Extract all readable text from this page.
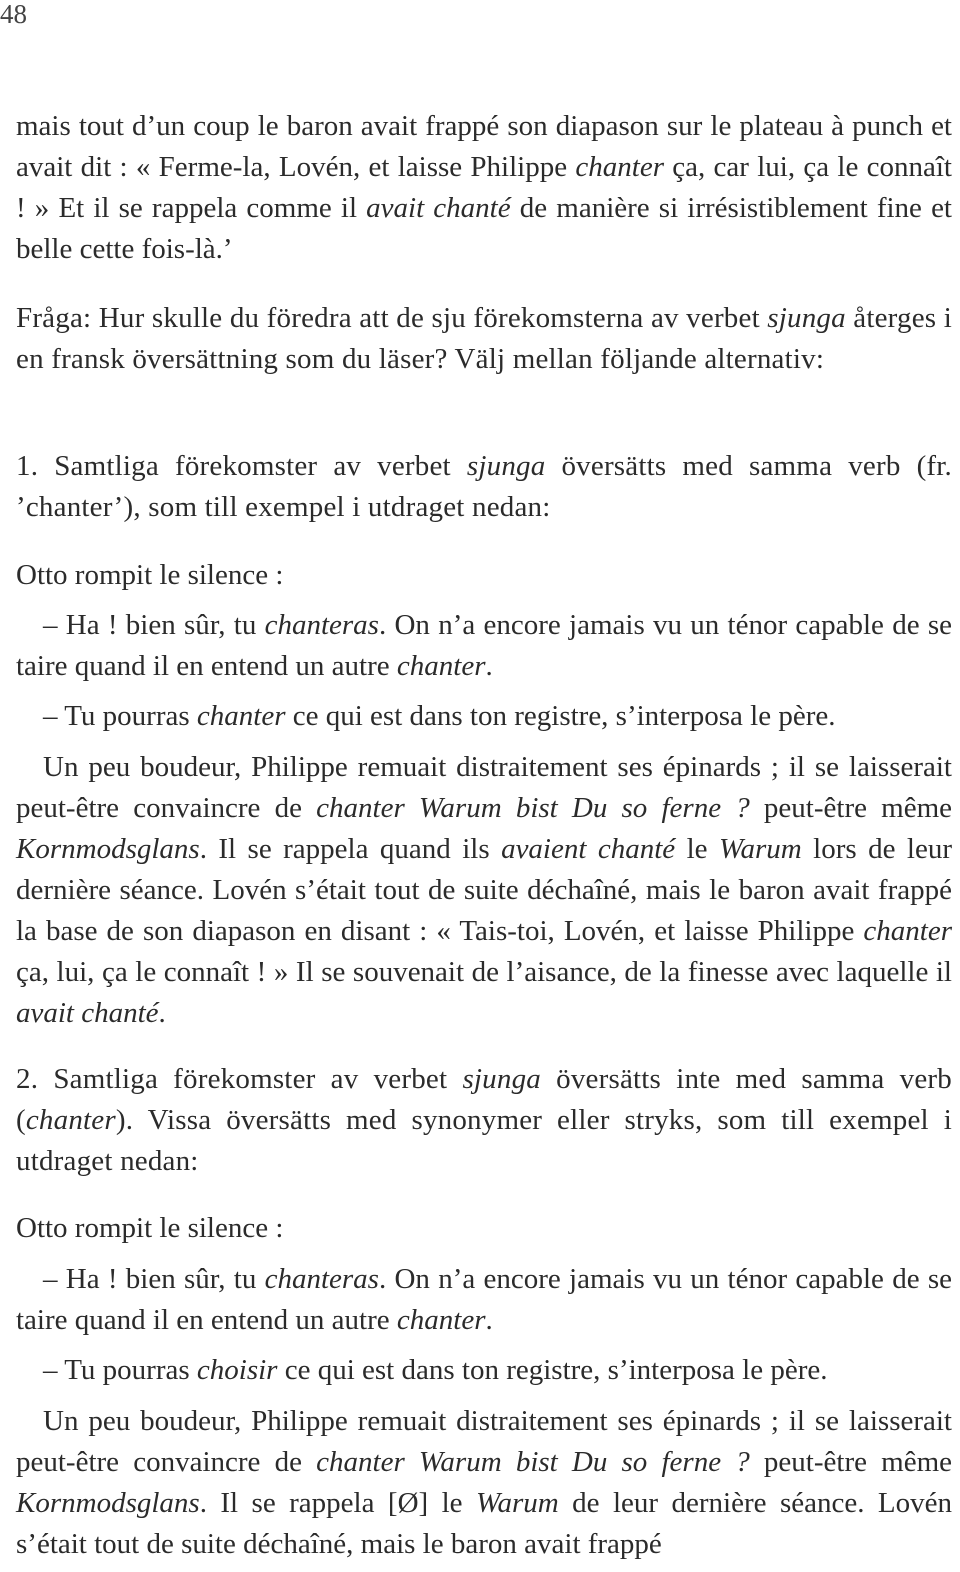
48

mais tout d’un coup le baron avait frappé son diapason sur le plateau à punch et avait dit : « Ferme-la, Lovén, et laisse Philippe chanter ça, car lui, ça le connaît ! » Et il se rappela comme il avait chanté de manière si irrésistiblement fine et belle cette fois-là.’

Fråga: Hur skulle du föredra att de sju förekomsterna av verbet sjunga återges i en fransk översättning som du läser? Välj mellan följande alternativ:

1. Samtliga förekomster av verbet sjunga översätts med samma verb (fr. ’chanter’), som till exempel i utdraget nedan:

Otto rompit le silence :

– Ha ! bien sûr, tu chanteras. On n’a encore jamais vu un ténor capable de se taire quand il en entend un autre chanter.

– Tu pourras chanter ce qui est dans ton registre, s’interposa le père.

Un peu boudeur, Philippe remuait distraitement ses épinards ; il se laisserait peut-être convaincre de chanter Warum bist Du so ferne ? peut-être même Kornmodsglans. Il se rappela quand ils avaient chanté le Warum lors de leur dernière séance. Lovén s’était tout de suite déchaîné, mais le baron avait frappé la base de son diapason en disant : « Tais-toi, Lovén, et laisse Philippe chanter ça, lui, ça le connaît ! » Il se souvenait de l’aisance, de la finesse avec laquelle il avait chanté.

2. Samtliga förekomster av verbet sjunga översätts inte med samma verb (chanter). Vissa översätts med synonymer eller stryks, som till exempel i utdraget nedan:

Otto rompit le silence :

– Ha ! bien sûr, tu chanteras. On n’a encore jamais vu un ténor capable de se taire quand il en entend un autre chanter.

– Tu pourras choisir ce qui est dans ton registre, s’interposa le père.

Un peu boudeur, Philippe remuait distraitement ses épinards ; il se laisserait peut-être convaincre de chanter Warum bist Du so ferne ? peut-être même Kornmodsglans. Il se rappela [Ø] le Warum de leur dernière séance. Lovén s’était tout de suite déchaîné, mais le baron avait frappé
